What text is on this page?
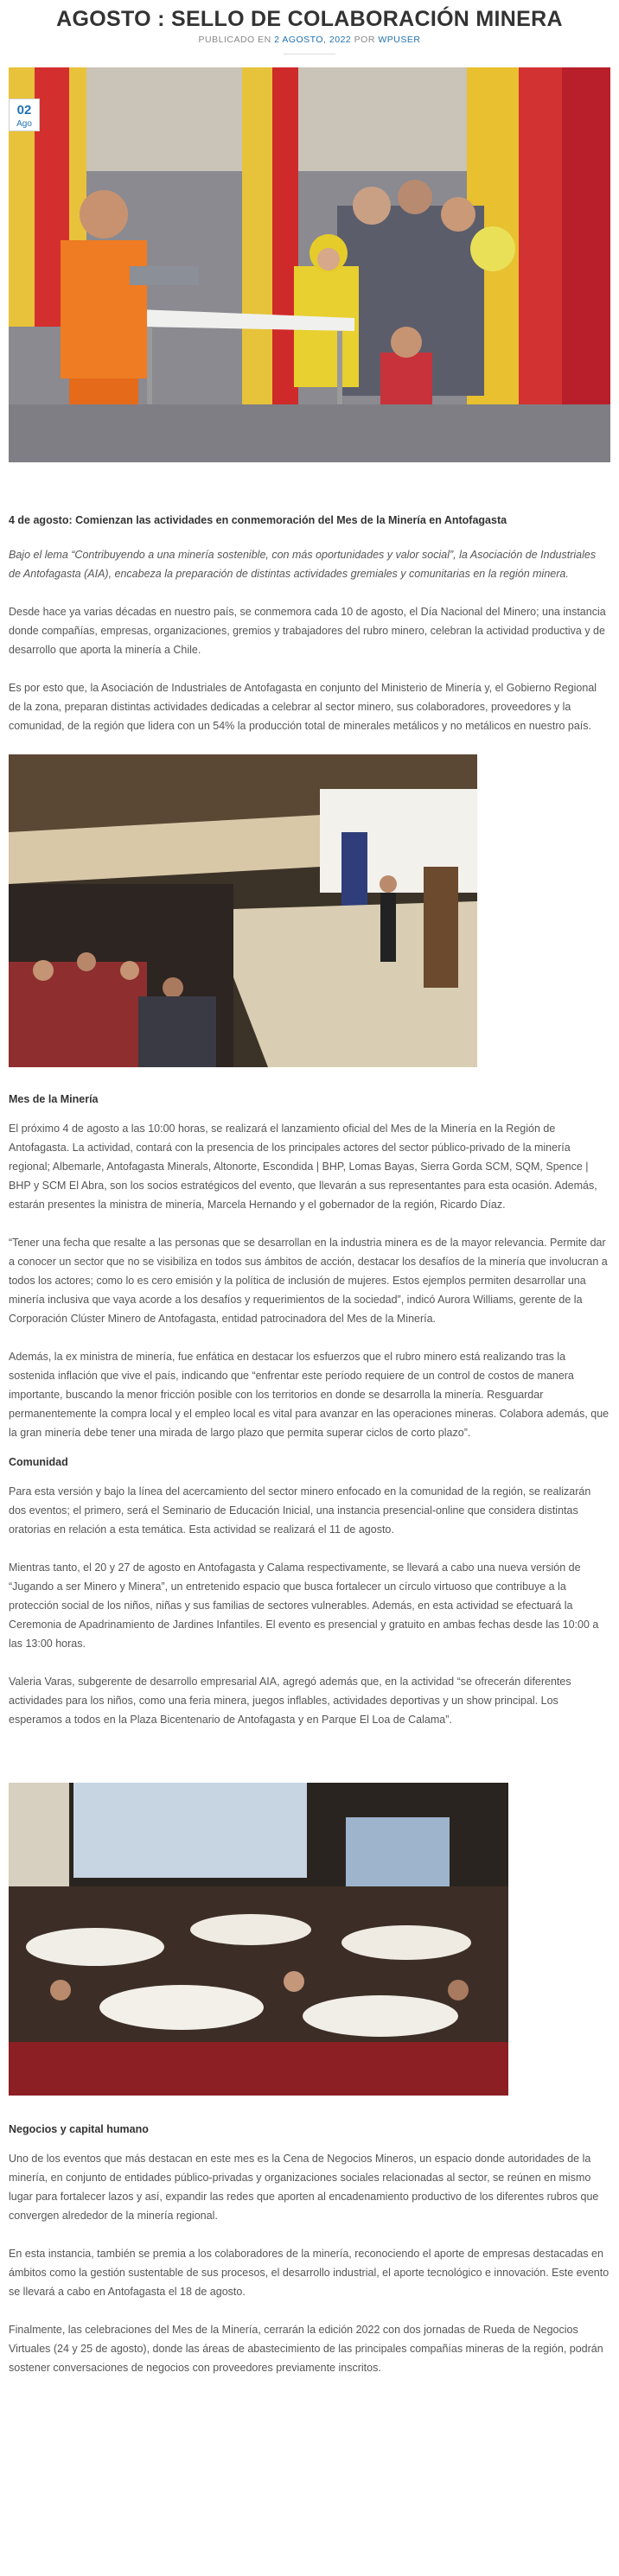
AGOSTO : SELLO DE COLABORACIÓN MINERA
PUBLICADO EN 2 AGOSTO, 2022 POR WPUSER
02
Ago

4 de agosto: Comienzan las actividades en conmemoración del Mes de la Minería en Antofagasta

Bajo el lema “Contribuyendo a una minería sostenible, con más oportunidades y valor social”, la Asociación de Industriales de Antofagasta (AIA), encabeza la preparación de distintas actividades gremiales y comunitarias en la región minera.

Desde hace ya varias décadas en nuestro país, se conmemora cada 10 de agosto, el Día Nacional del Minero; una instancia donde compañías, empresas, organizaciones, gremios y trabajadores del rubro minero, celebran la actividad productiva y de desarrollo que aporta la minería a Chile.

Es por esto que, la Asociación de Industriales de Antofagasta en conjunto del Ministerio de Minería y, el Gobierno Regional de la zona, preparan distintas actividades dedicadas a celebrar al sector minero, sus colaboradores, proveedores y la comunidad, de la región que lidera con un 54% la producción total de minerales metálicos y no metálicos en nuestro país.

Mes de la Minería

El próximo 4 de agosto a las 10:00 horas, se realizará el lanzamiento oficial del Mes de la Minería en la Región de Antofagasta. La actividad, contará con la presencia de los principales actores del sector público-privado de la minería regional; Albemarle, Antofagasta Minerals, Altonorte, Escondida | BHP, Lomas Bayas, Sierra Gorda SCM, SQM, Spence | BHP y SCM El Abra, son los socios estratégicos del evento, que llevarán a sus representantes para esta ocasión. Además, estarán presentes la ministra de minería, Marcela Hernando y el gobernador de la región, Ricardo Díaz.

“Tener una fecha que resalte a las personas que se desarrollan en la industria minera es de la mayor relevancia. Permite dar a conocer un sector que no se visibiliza en todos sus ámbitos de acción, destacar los desafíos de la minería que involucran a todos los actores; como lo es cero emisión y la política de inclusión de mujeres. Estos ejemplos permiten desarrollar una minería inclusiva que vaya acorde a los desafíos y requerimientos de la sociedad”, indicó Aurora Williams, gerente de la Corporación Clúster Minero de Antofagasta, entidad patrocinadora del Mes de la Minería.

Además, la ex ministra de minería, fue enfática en destacar los esfuerzos que el rubro minero está realizando tras la sostenida inflación que vive el país, indicando que “enfrentar este período requiere de un control de costos de manera importante, buscando la menor fricción posible con los territorios en donde se desarrolla la minería. Resguardar permanentemente la compra local y el empleo local es vital para avanzar en las operaciones mineras. Colabora además, que la gran minería debe tener una mirada de largo plazo que permita superar ciclos de corto plazo”.

Comunidad

Para esta versión y bajo la línea del acercamiento del sector minero enfocado en la comunidad de la región, se realizarán dos eventos; el primero, será el Seminario de Educación Inicial, una instancia presencial-online que considera distintas oratorias en relación a esta temática. Esta actividad se realizará el 11 de agosto.

Mientras tanto, el 20 y 27 de agosto en Antofagasta y Calama respectivamente, se llevará a cabo una nueva versión de “Jugando a ser Minero y Minera”, un entretenido espacio que busca fortalecer un círculo virtuoso que contribuye a la protección social de los niños, niñas y sus familias de sectores vulnerables. Además, en esta actividad se efectuará la Ceremonia de Apadrinamiento de Jardines Infantiles. El evento es presencial y gratuito en ambas fechas desde las 10:00 a las 13:00 horas.

Valeria Varas, subgerente de desarrollo empresarial AIA, agregó además que, en la actividad “se ofrecerán diferentes actividades para los niños, como una feria minera, juegos inflables, actividades deportivas y un show principal. Los esperamos a todos en la Plaza Bicentenario de Antofagasta y en Parque El Loa de Calama”.

Negocios y capital humano

Uno de los eventos que más destacan en este mes es la Cena de Negocios Mineros, un espacio donde autoridades de la minería, en conjunto de entidades público-privadas y organizaciones sociales relacionadas al sector, se reúnen en mismo lugar para fortalecer lazos y así, expandir las redes que aporten al encadenamiento productivo de los diferentes rubros que convergen alrededor de la minería regional.

En esta instancia, también se premia a los colaboradores de la minería, reconociendo el aporte de empresas destacadas en ámbitos como la gestión sustentable de sus procesos, el desarrollo industrial, el aporte tecnológico e innovación. Este evento se llevará a cabo en Antofagasta el 18 de agosto.

Finalmente, las celebraciones del Mes de la Minería, cerrarán la edición 2022 con dos jornadas de Rueda de Negocios Virtuales (24 y 25 de agosto), donde las áreas de abastecimiento de las principales compañías mineras de la región, podrán sostener conversaciones de negocios con proveedores previamente inscritos.
